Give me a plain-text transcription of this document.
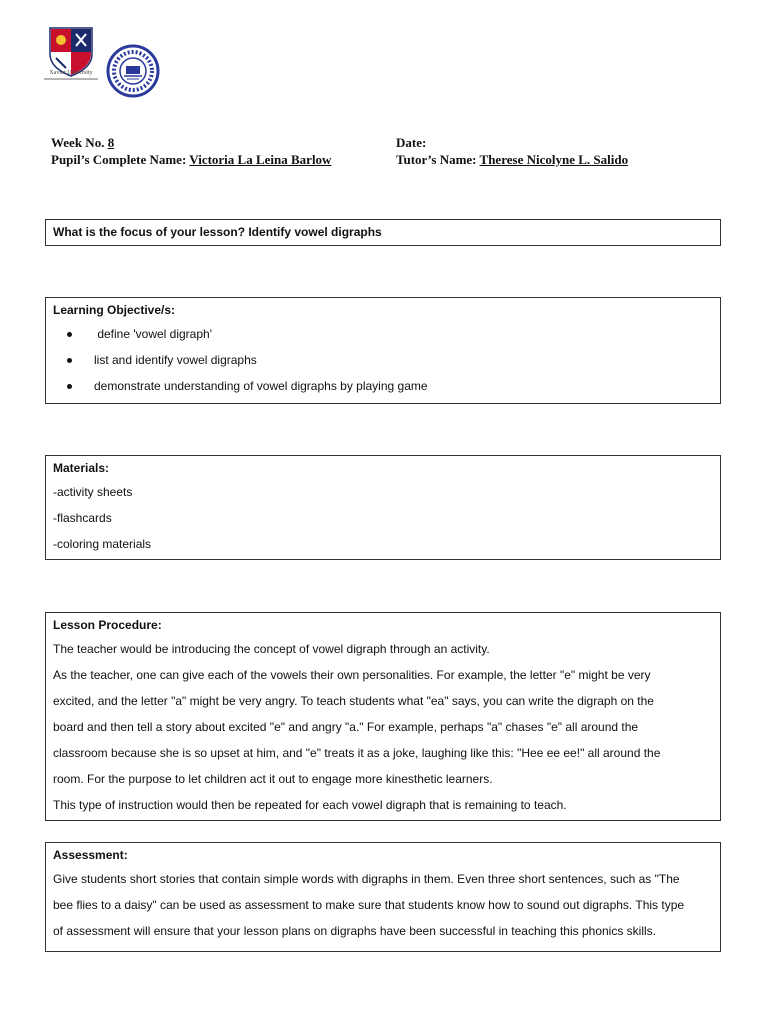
Xavier University
Week No. 8
Pupil’s Complete Name: Victoria La Leina Barlow
Date:
Tutor’s Name: Therese Nicolyne L. Salido
What is the focus of your lesson? Identify vowel digraphs
Learning Objective/s:
define 'vowel digraph'
list and identify vowel digraphs
demonstrate understanding of vowel digraphs by playing game
Materials:
-activity sheets
-flashcards
-coloring materials
Lesson Procedure:
The teacher would be introducing the concept of vowel digraph through an activity.
As the teacher, one can give each of the vowels their own personalities. For example, the letter "e" might be very
excited, and the letter "a" might be very angry. To teach students what "ea" says, you can write the digraph on the
board and then tell a story about excited "e" and angry "a." For example, perhaps "a" chases "e" all around the
classroom because she is so upset at him, and "e" treats it as a joke, laughing like this: "Hee ee ee!" all around the
room. For the purpose to let children act it out to engage more kinesthetic learners.
This type of instruction would then be repeated for each vowel digraph that is remaining to teach.
Assessment:
Give students short stories that contain simple words with digraphs in them. Even three short sentences, such as "The
bee flies to a daisy" can be used as assessment to make sure that students know how to sound out digraphs. This type
of assessment will ensure that your lesson plans on digraphs have been successful in teaching this phonics skills.
